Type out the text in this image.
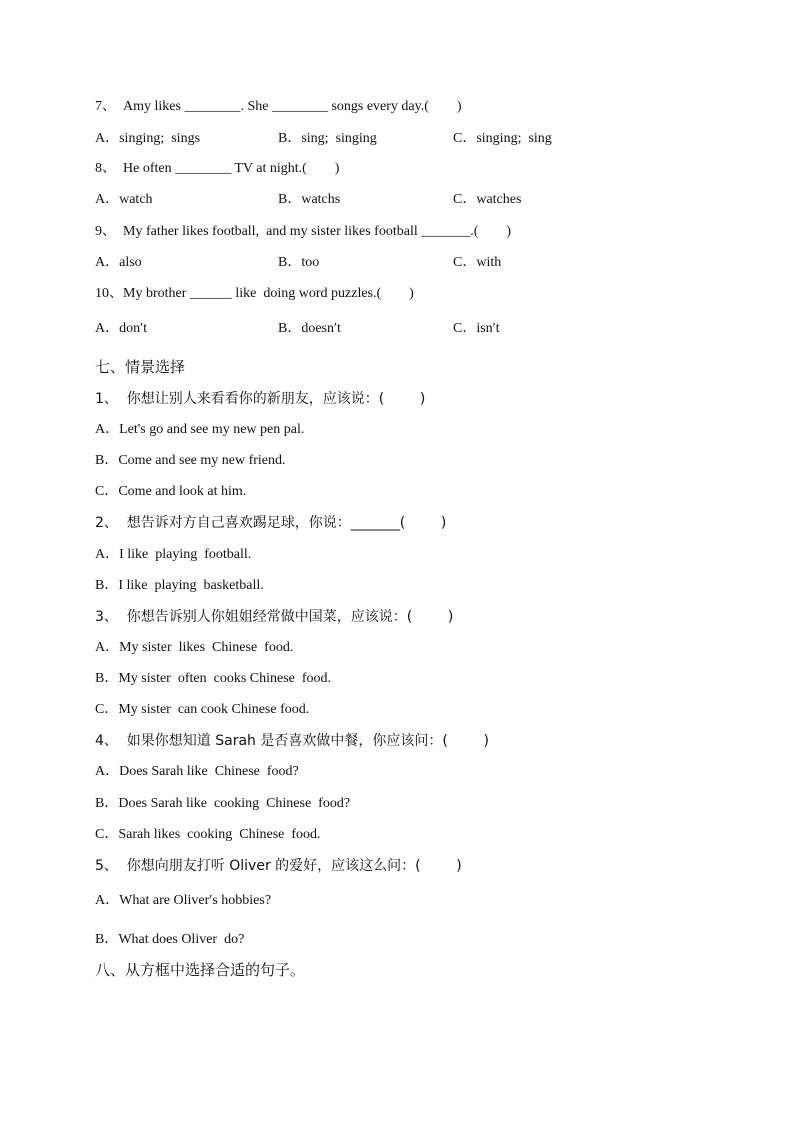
7、  Amy likes ________. She ________ songs every day.(        )
A．singing;  sings	B．sing;  singing	C．singing;  sing
8、  He often ________ TV at night.(        )
A．watch	B．watchs	C．watches
9、  My father likes football,  and my sister likes football _______.(        )
A．also	B．too	C．with
10、My brother ______ like  doing word puzzles.(        )
A．don′t	B．doesn′t	C．isn′t
七、情景选择
1、  你想让别人来看看你的新朋友，应该说：(        )
A．Let's go and see my new pen pal.
B．Come and see my new friend.
C．Come and look at him.
2、  想告诉对方自己喜欢踢足球，你说：_______(        )
A．I like  playing  football.
B．I like  playing  basketball.
3、  你想告诉别人你姐姐经常做中国菜，应该说：(        )
A．My sister  likes  Chinese  food.
B．My sister  often  cooks Chinese  food.
C．My sister  can cook Chinese food.
4、  如果你想知道 Sarah 是否喜欢做中餐，你应该问：(        )
A．Does Sarah like  Chinese  food?
B．Does Sarah like  cooking  Chinese  food?
C．Sarah likes  cooking  Chinese  food.
5、  你想向朋友打听 Oliver 的爱好，应该这么问：(        )
A．What are Oliver′s hobbies?
B．What does Oliver  do?
八、从方框中选择合适的句子。
